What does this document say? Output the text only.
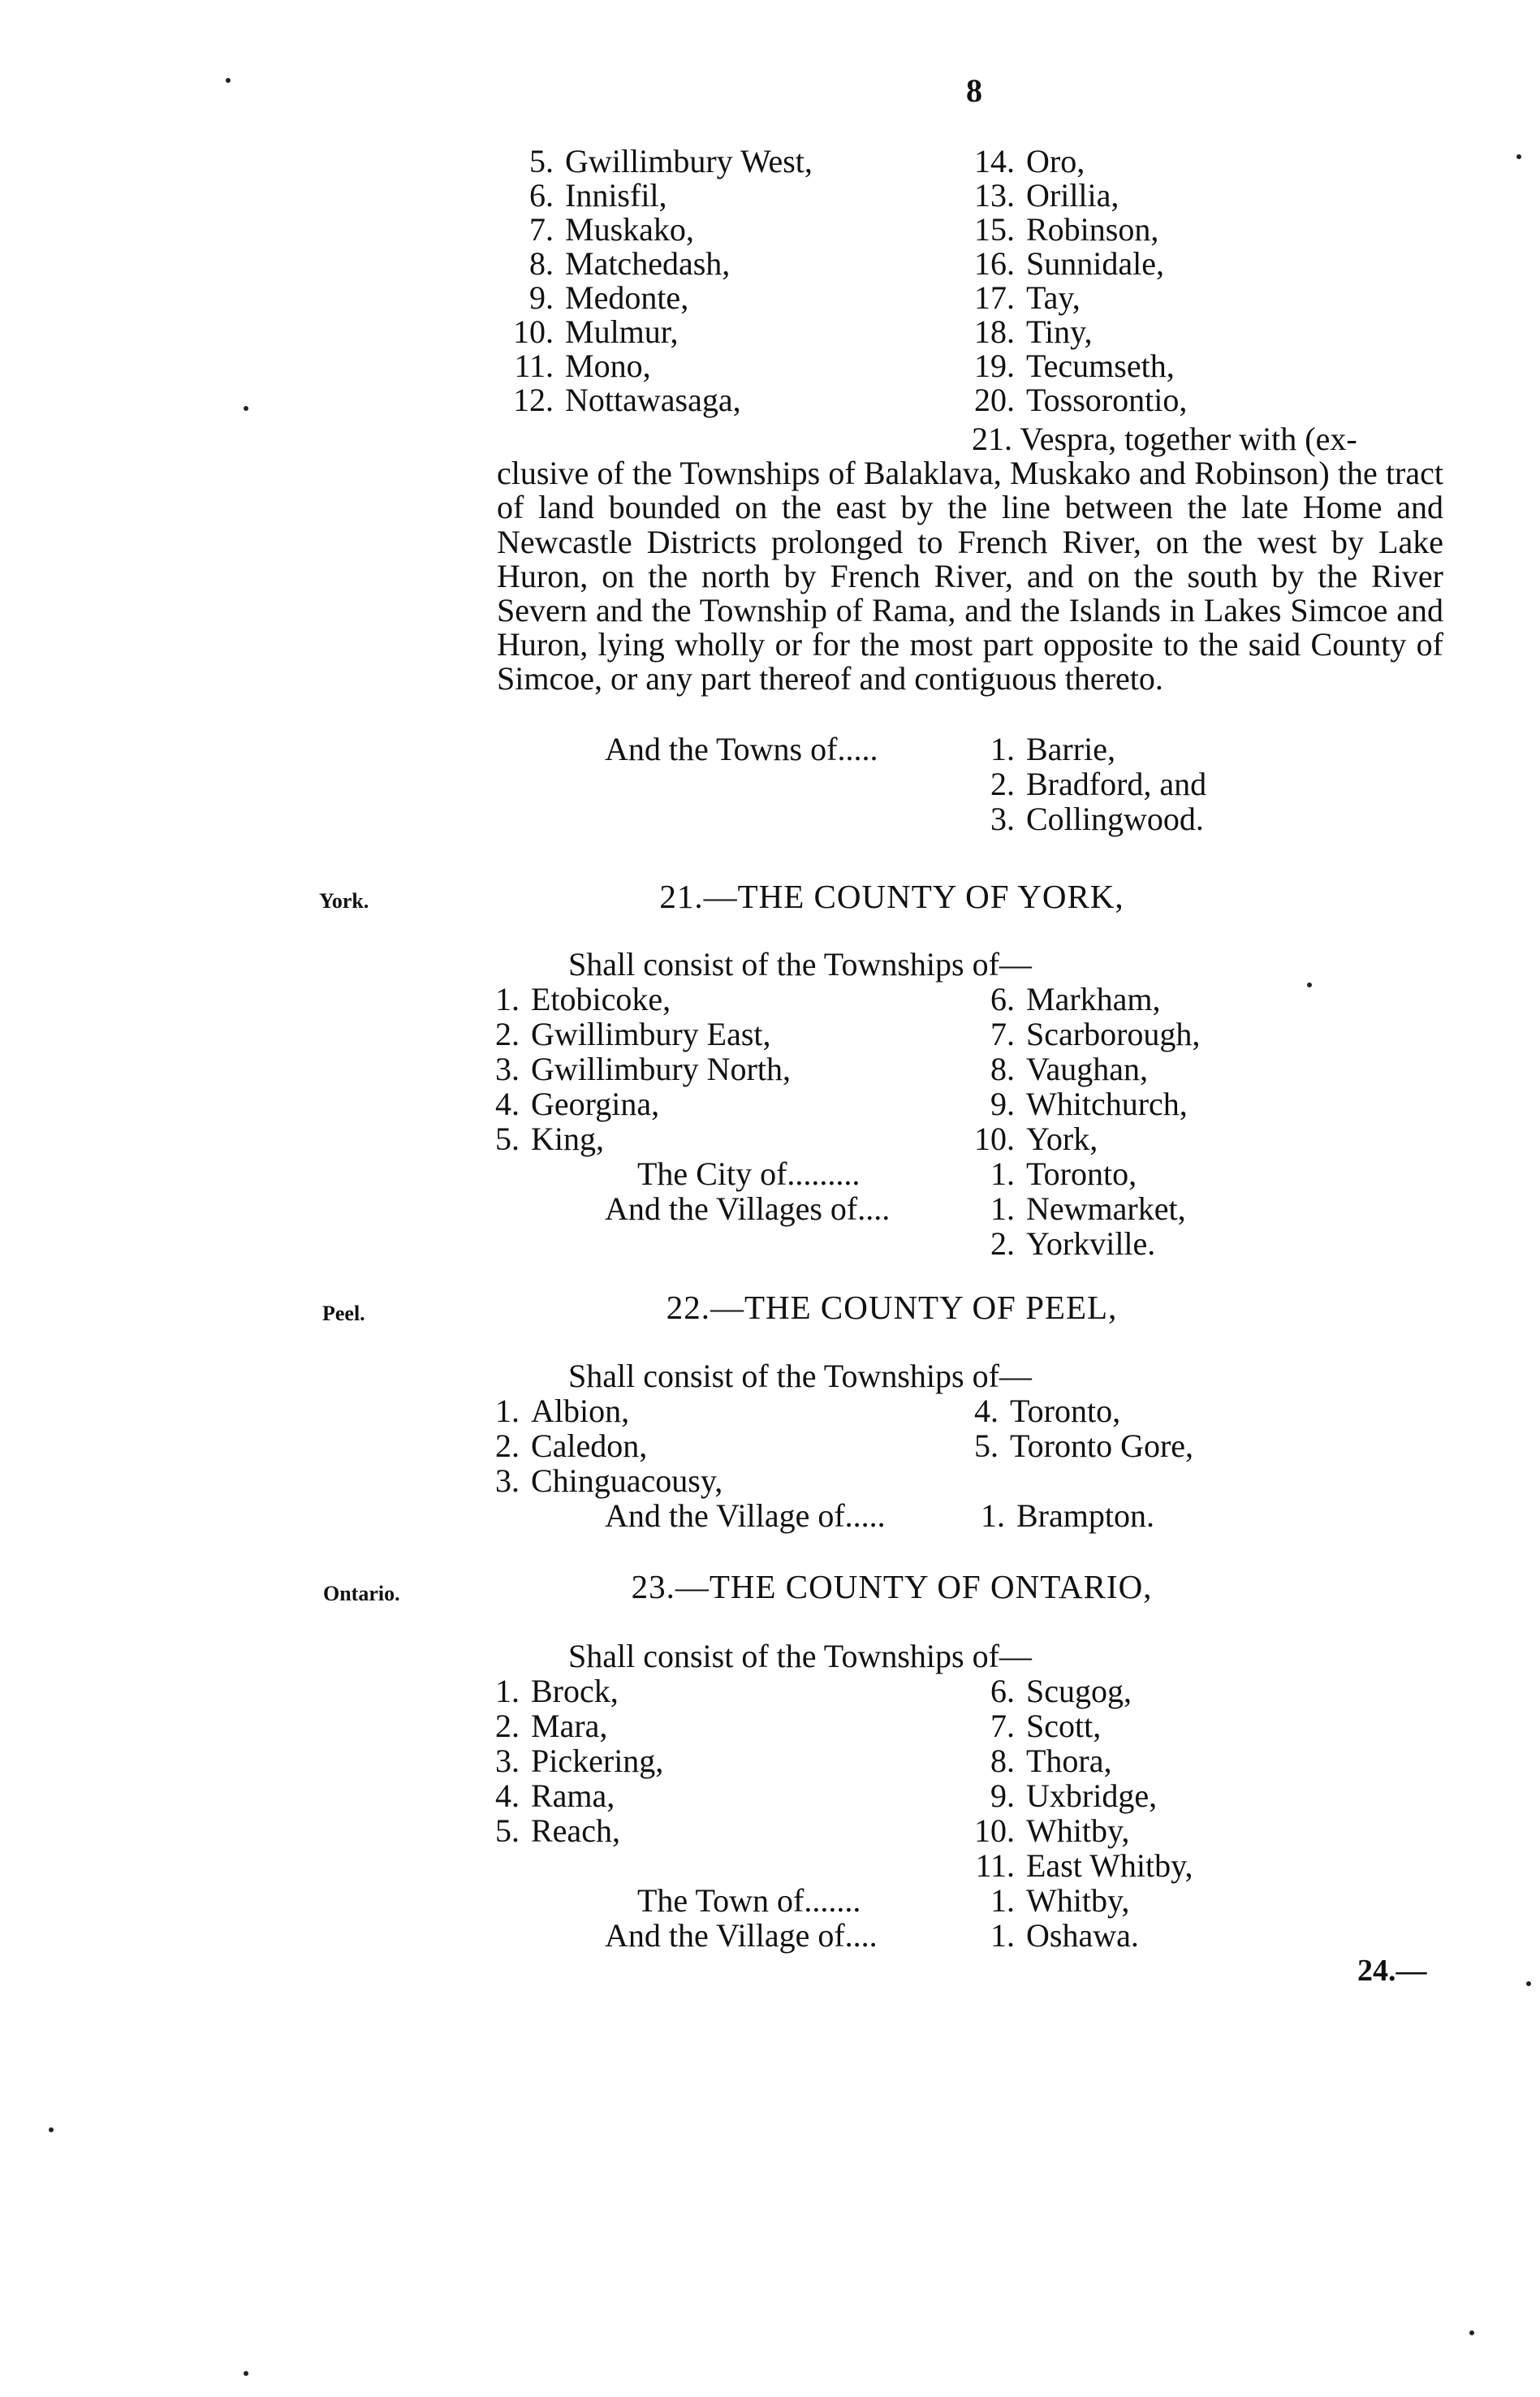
8
5. Gwillimbury West,
6. Innisfil,
7. Muskako,
8. Matchedash,
9. Medonte,
10. Mulmur,
11. Mono,
12. Nottawasaga,
14. Oro,
13. Orillia,
15. Robinson,
16. Sunnidale,
17. Tay,
18. Tiny,
19. Tecumseth,
20. Tossorontio,
21. Vespra, together with (ex-
clusive of the Townships of Balaklava, Muskako and Robinson) the tract of land bounded on the east by the line between the late Home and Newcastle Districts prolonged to French River, on the west by Lake Huron, on the north by French River, and on the south by the River Severn and the Township of Rama, and the Islands in Lakes Simcoe and Huron, lying wholly or for the most part opposite to the said County of Simcoe, or any part thereof and contiguous thereto.
And the Towns of.....	1. Barrie,
2. Bradford, and
3. Collingwood.
York.	21.—THE COUNTY OF YORK,
Shall consist of the Townships of—
1. Etobicoke,
2. Gwillimbury East,
3. Gwillimbury North,
4. Georgina,
5. King,
6. Markham,
7. Scarborough,
8. Vaughan,
9. Whitchurch,
10. York,
The City of.........	1. Toronto,
And the Villages of....	1. Newmarket,
2. Yorkville.
Peel.	22.—THE COUNTY OF PEEL,
Shall consist of the Townships of—
1. Albion,
2. Caledon,
3. Chinguacousy,
4. Toronto,
5. Toronto Gore,
And the Village of.....	1. Brampton.
Ontario.	23.—THE COUNTY OF ONTARIO,
Shall consist of the Townships of—
1. Brock,
2. Mara,
3. Pickering,
4. Rama,
5. Reach,
6. Scugog,
7. Scott,
8. Thora,
9. Uxbridge,
10. Whitby,
11. East Whitby,
The Town of.......	1. Whitby,
And the Village of....	1. Oshawa.
24.—
